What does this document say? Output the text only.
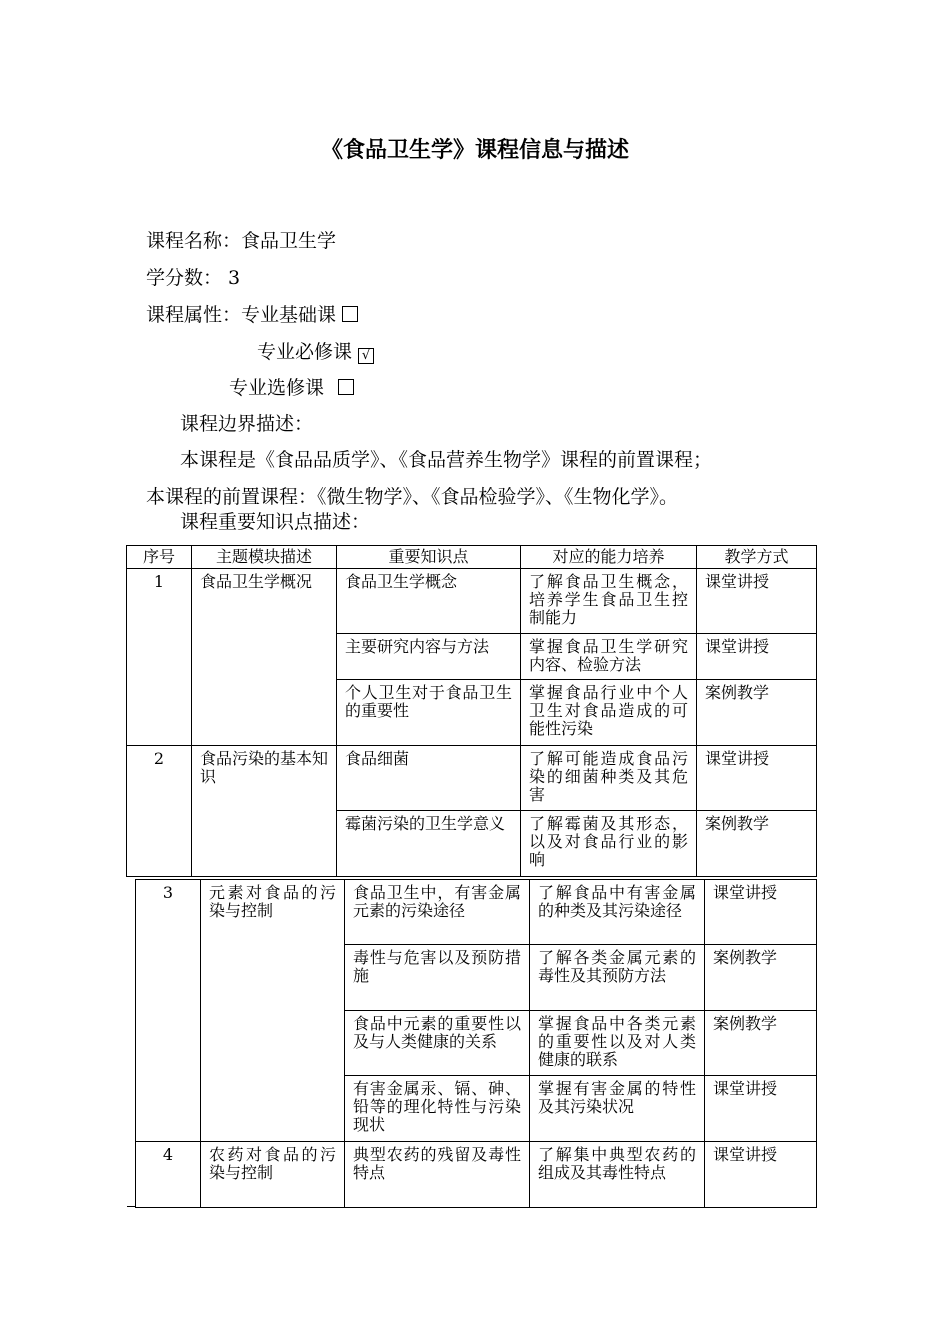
《食品卫生学》课程信息与描述
课程名称：食品卫生学
学分数： 3
课程属性：专业基础课
专业必修课 √
专业选修课
课程边界描述：
本课程是《食品品质学》、《食品营养生物学》课程的前置课程；
本课程的前置课程：《微生物学》、《食品检验学》、《生物化学》。
课程重要知识点描述：
序号	主题模块描述	重要知识点	对应的能力培养	教学方式
1	食品卫生学概况	食品卫生学概念	了解食品卫生概念，培养学生食品卫生控制能力	课堂讲授
		主要研究内容与方法	掌握食品卫生学研究内容、检验方法	课堂讲授
		个人卫生对于食品卫生的重要性	掌握食品行业中个人卫生对食品造成的可能性污染	案例教学
2	食品污染的基本知识	食品细菌	了解可能造成食品污染的细菌种类及其危害	课堂讲授
		霉菌污染的卫生学意义	了解霉菌及其形态，以及对食品行业的影响	案例教学
3	元素对食品的污染与控制	食品卫生中，有害金属元素的污染途径	了解食品中有害金属的种类及其污染途径	课堂讲授
		毒性与危害以及预防措施	了解各类金属元素的毒性及其预防方法	案例教学
		食品中元素的重要性以及与人类健康的关系	掌握食品中各类元素的重要性以及对人类健康的联系	案例教学
		有害金属汞、镉、砷、铅等的理化特性与污染现状	掌握有害金属的特性及其污染状况	课堂讲授
4	农药对食品的污染与控制	典型农药的残留及毒性特点	了解集中典型农药的组成及其毒性特点	课堂讲授
